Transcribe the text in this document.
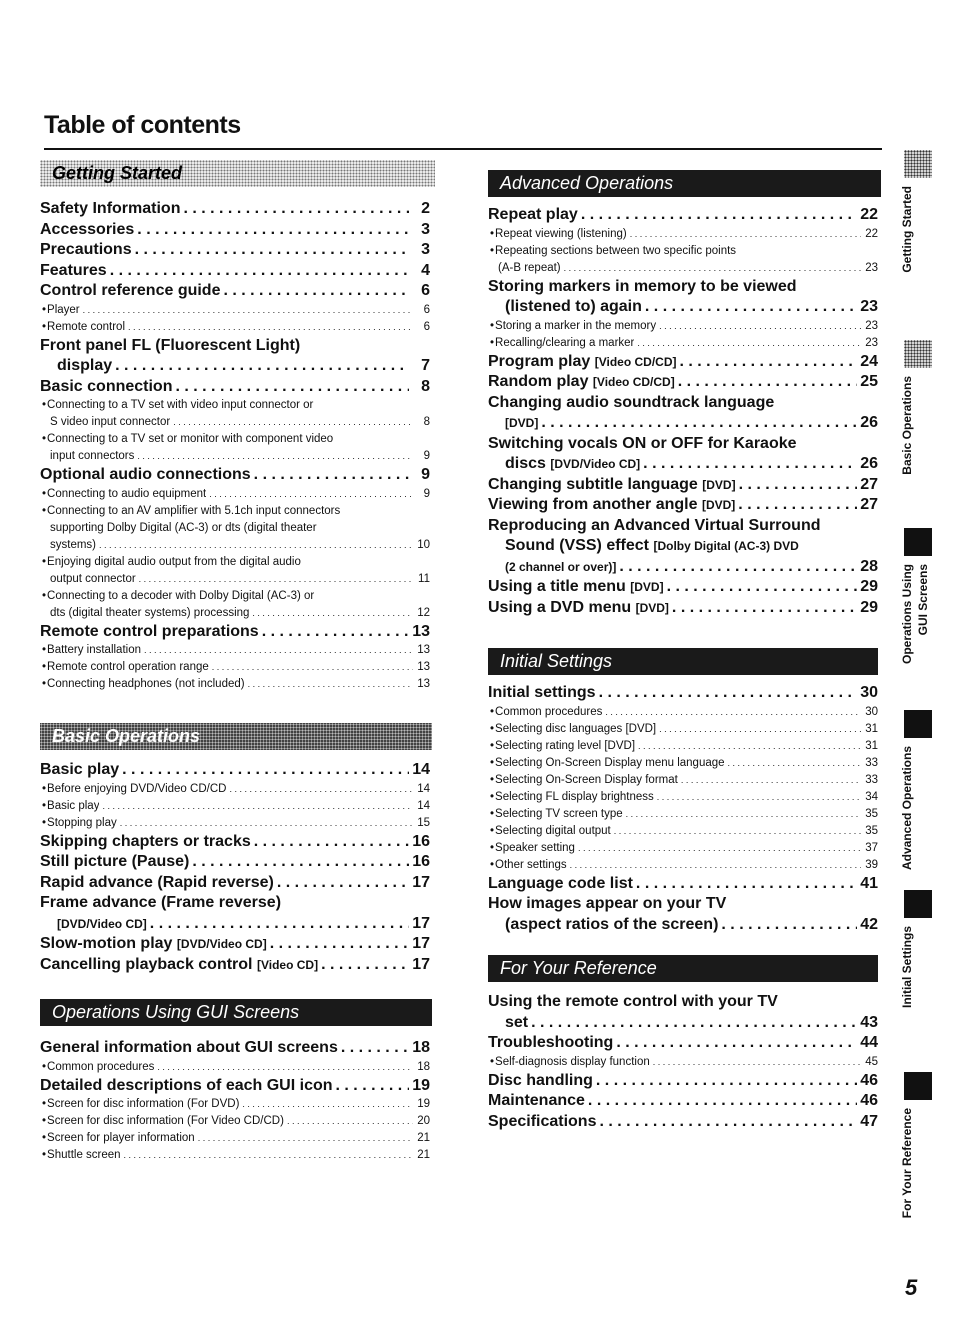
Table of contents
Getting Started
Safety Information . . .	2
Accessories . . .	3
Precautions . . .	3
Features . . .	4
Control reference guide . . .	6
• Player . . .	6
• Remote control . . .	6
Front panel FL (Fluorescent Light)
display . . .	7
Basic connection . . .	8
• Connecting to a TV set with video input connector or
S video input connector . . .	8
• Connecting to a TV set or monitor with component video
input connectors . . .	9
Optional audio connections . . .	9
• Connecting to audio equipment . . .	9
• Connecting to an AV amplifier with 5.1ch input connectors
supporting Dolby Digital (AC-3) or dts (digital theater
systems) . . .	10
• Enjoying digital audio output from the digital audio
output connector . . .	11
• Connecting to a decoder with Dolby Digital (AC-3) or
dts (digital theater systems) processing . . .	12
Remote control preparations . . .	13
• Battery installation . . .	13
• Remote control operation range . . .	13
• Connecting headphones (not included) . . .	13
Basic Operations
Basic play . . .	14
• Before enjoying DVD/Video CD/CD . . .	14
• Basic play . . .	14
• Stopping play . . .	15
Skipping chapters or tracks . . .	16
Still picture (Pause) . . .	16
Rapid advance (Rapid reverse) . . .	17
Frame advance (Frame reverse)
[DVD/Video CD] . . .	17
Slow-motion play [DVD/Video CD] . . .	17
Cancelling playback control [Video CD] . . .	17
Operations Using GUI Screens
General information about GUI screens . . .	18
• Common procedures . . .	18
Detailed descriptions of each GUI icon . . .	19
• Screen for disc information (For DVD) . . .	19
• Screen for disc information (For Video CD/CD) . . .	20
• Screen for player information . . .	21
• Shuttle screen . . .	21
Advanced Operations
Repeat play . . .	22
• Repeat viewing (listening) . . .	22
• Repeating sections between two specific points
(A-B repeat) . . .	23
Storing markers in memory to be viewed
(listened to) again . . .	23
• Storing a marker in the memory . . .	23
• Recalling/clearing a marker . . .	23
Program play [Video CD/CD] . . .	24
Random play [Video CD/CD] . . .	25
Changing audio soundtrack language
[DVD] . . .	26
Switching vocals ON or OFF for Karaoke
discs [DVD/Video CD] . . .	26
Changing subtitle language [DVD] . . .	27
Viewing from another angle [DVD] . . .	27
Reproducing an Advanced Virtual Surround
Sound (VSS) effect [Dolby Digital (AC-3) DVD
(2 channel or over)] . . .	28
Using a title menu [DVD] . . .	29
Using a DVD menu [DVD] . . .	29
Initial Settings
Initial settings . . .	30
• Common procedures . . .	30
• Selecting disc languages [DVD] . . .	31
• Selecting rating level [DVD] . . .	31
• Selecting On-Screen Display menu language . . .	33
• Selecting On-Screen Display format . . .	33
• Selecting FL display brightness . . .	34
• Selecting TV screen type . . .	35
• Selecting digital output . . .	35
• Speaker setting . . .	37
• Other settings . . .	39
Language code list . . .	41
How images appear on your TV
(aspect ratios of the screen) . . .	42
For Your Reference
Using the remote control with your TV
set . . .	43
Troubleshooting . . .	44
• Self-diagnosis display function . . .	45
Disc handling . . .	46
Maintenance . . .	46
Specifications . . .	47
Getting Started
Basic Operations
Operations Using GUI Screens
Advanced Operations
Initial Settings
For Your Reference
5
